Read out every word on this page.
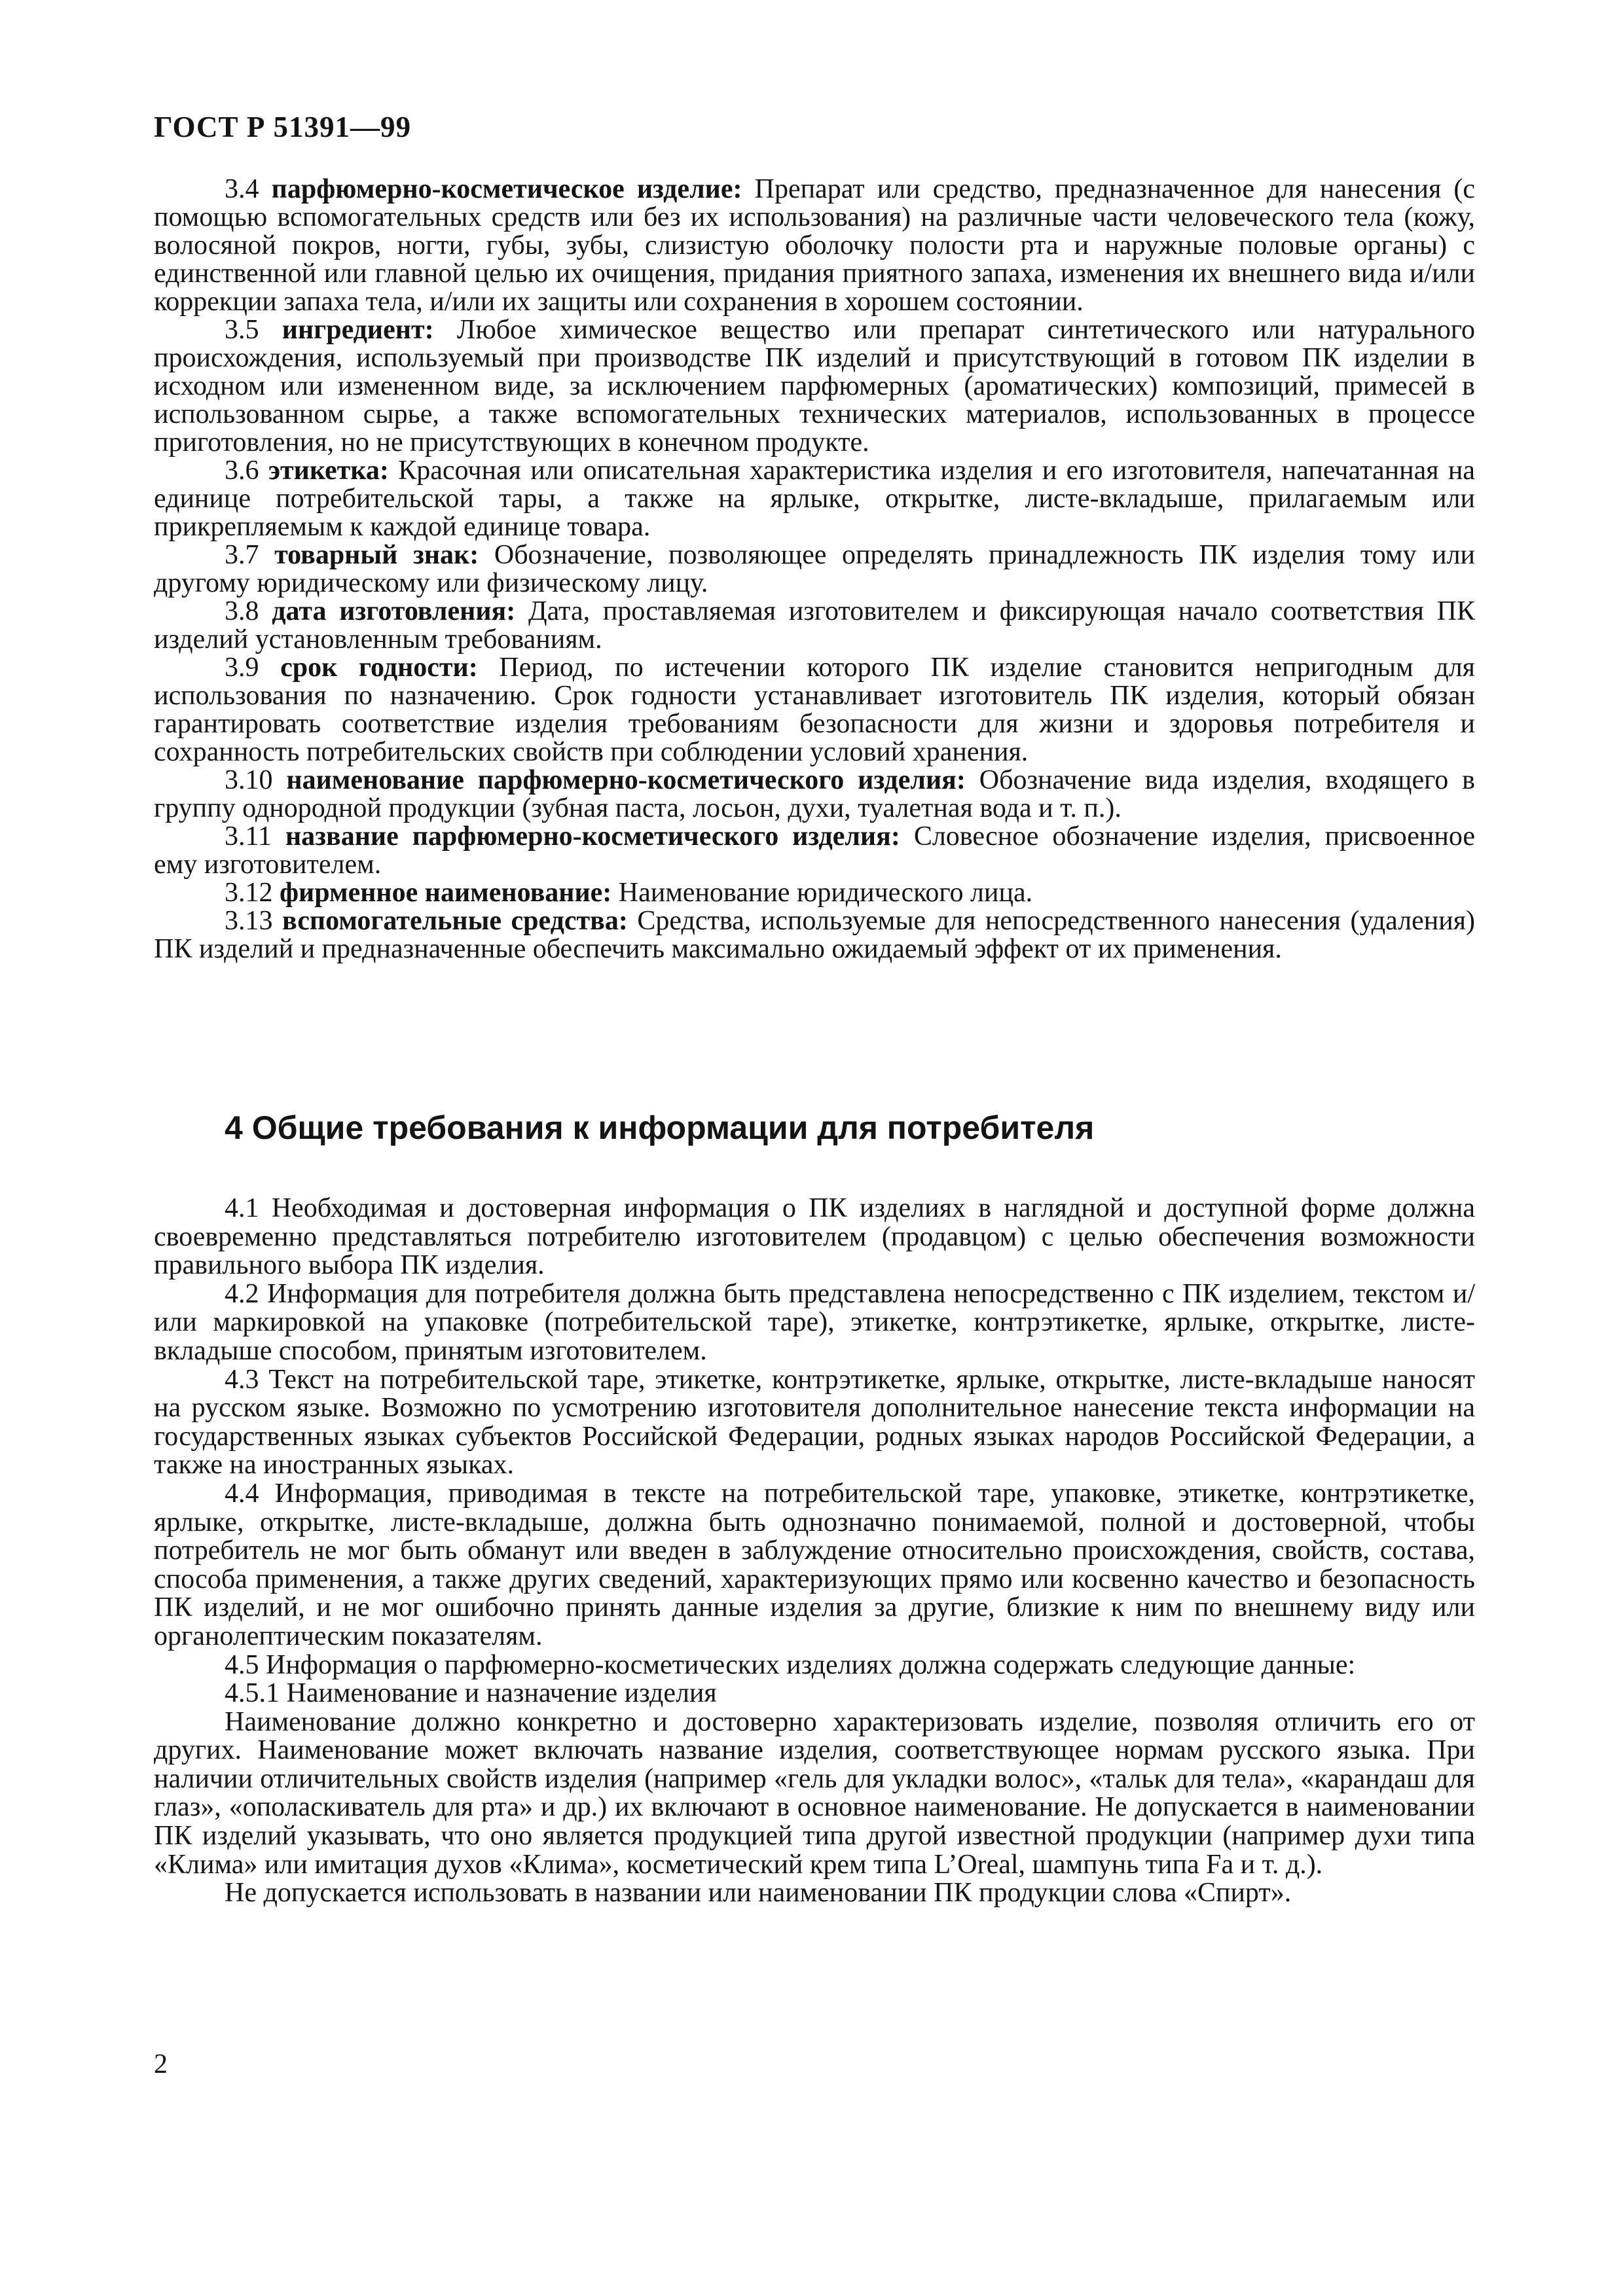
ГОСТ Р 51391—99

3.4 парфюмерно-косметическое изделие: Препарат или средство, предназначенное для нанесения (с помощью вспомогательных средств или без их использования) на различные части человеческого тела (кожу, волосяной покров, ногти, губы, зубы, слизистую оболочку полости рта и наружные половые органы) с единственной или главной целью их очищения, придания приятного запаха, изменения их внешнего вида и/или коррекции запаха тела, и/или их защиты или сохранения в хорошем состоянии.

3.5 ингредиент: Любое химическое вещество или препарат синтетического или натурального происхождения, используемый при производстве ПК изделий и присутствующий в готовом ПК изделии в исходном или измененном виде, за исключением парфюмерных (ароматических) композиций, примесей в использованном сырье, а также вспомогательных технических материалов, использованных в процессе приготовления, но не присутствующих в конечном продукте.

3.6 этикетка: Красочная или описательная характеристика изделия и его изготовителя, напечатанная на единице потребительской тары, а также на ярлыке, открытке, листе-вкладыше, прилагаемым или прикрепляемым к каждой единице товара.

3.7 товарный знак: Обозначение, позволяющее определять принадлежность ПК изделия тому или другому юридическому или физическому лицу.

3.8 дата изготовления: Дата, проставляемая изготовителем и фиксирующая начало соответствия ПК изделий установленным требованиям.

3.9 срок годности: Период, по истечении которого ПК изделие становится непригодным для использования по назначению. Срок годности устанавливает изготовитель ПК изделия, который обязан гарантировать соответствие изделия требованиям безопасности для жизни и здоровья потребителя и сохранность потребительских свойств при соблюдении условий хранения.

3.10 наименование парфюмерно-косметического изделия: Обозначение вида изделия, входящего в группу однородной продукции (зубная паста, лосьон, духи, туалетная вода и т. п.).

3.11 название парфюмерно-косметического изделия: Словесное обозначение изделия, присвоенное ему изготовителем.

3.12 фирменное наименование: Наименование юридического лица.

3.13 вспомогательные средства: Средства, используемые для непосредственного нанесения (удаления) ПК изделий и предназначенные обеспечить максимально ожидаемый эффект от их применения.

4 Общие требования к информации для потребителя

4.1 Необходимая и достоверная информация о ПК изделиях в наглядной и доступной форме должна своевременно представляться потребителю изготовителем (продавцом) с целью обеспечения возможности правильного выбора ПК изделия.

4.2 Информация для потребителя должна быть представлена непосредственно с ПК изделием, текстом и/или маркировкой на упаковке (потребительской таре), этикетке, контрэтикетке, ярлыке, открытке, листе-вкладыше способом, принятым изготовителем.

4.3 Текст на потребительской таре, этикетке, контрэтикетке, ярлыке, открытке, листе-вкладыше наносят на русском языке. Возможно по усмотрению изготовителя дополнительное нанесение текста информации на государственных языках субъектов Российской Федерации, родных языках народов Российской Федерации, а также на иностранных языках.

4.4 Информация, приводимая в тексте на потребительской таре, упаковке, этикетке, контрэтикетке, ярлыке, открытке, листе-вкладыше, должна быть однозначно понимаемой, полной и достоверной, чтобы потребитель не мог быть обманут или введен в заблуждение относительно происхождения, свойств, состава, способа применения, а также других сведений, характеризующих прямо или косвенно качество и безопасность ПК изделий, и не мог ошибочно принять данные изделия за другие, близкие к ним по внешнему виду или органолептическим показателям.

4.5 Информация о парфюмерно-косметических изделиях должна содержать следующие данные:

4.5.1 Наименование и назначение изделия

Наименование должно конкретно и достоверно характеризовать изделие, позволяя отличить его от других. Наименование может включать название изделия, соответствующее нормам русского языка. При наличии отличительных свойств изделия (например «гель для укладки волос», «тальк для тела», «карандаш для глаз», «ополаскиватель для рта» и др.) их включают в основное наименование. Не допускается в наименовании ПК изделий указывать, что оно является продукцией типа другой известной продукции (например духи типа «Клима» или имитация духов «Клима», косметический крем типа L’Oreal, шампунь типа Fa и т. д.).

Не допускается использовать в названии или наименовании ПК продукции слова «Спирт».

2
